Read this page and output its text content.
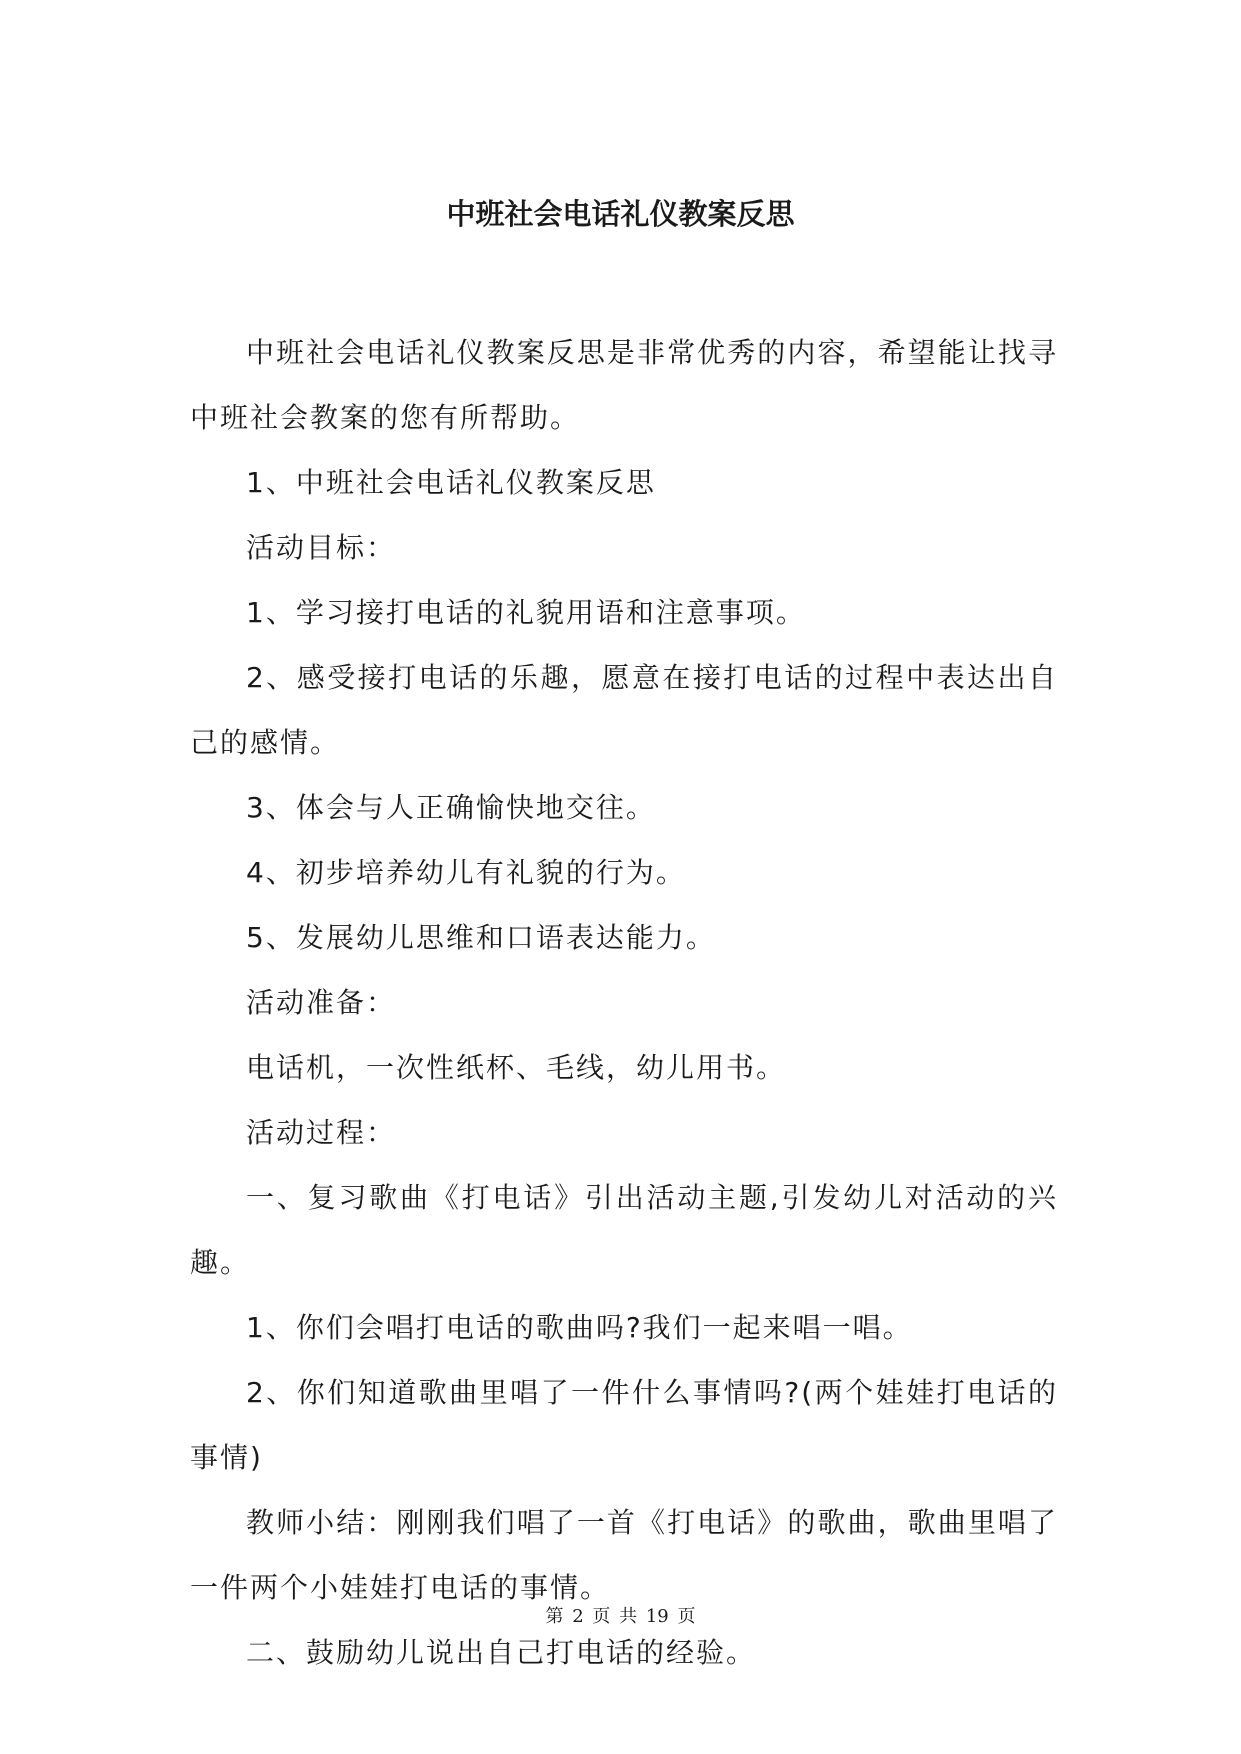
中班社会电话礼仪教案反思

中班社会电话礼仪教案反思是非常优秀的内容，希望能让找寻中班社会教案的您有所帮助。

1、中班社会电话礼仪教案反思

活动目标：

1、学习接打电话的礼貌用语和注意事项。

2、感受接打电话的乐趣，愿意在接打电话的过程中表达出自己的感情。

3、体会与人正确愉快地交往。

4、初步培养幼儿有礼貌的行为。

5、发展幼儿思维和口语表达能力。

活动准备：

电话机，一次性纸杯、毛线，幼儿用书。

活动过程：

一、复习歌曲《打电话》引出活动主题,引发幼儿对活动的兴趣。

1、你们会唱打电话的歌曲吗?我们一起来唱一唱。

2、你们知道歌曲里唱了一件什么事情吗?(两个娃娃打电话的事情)

教师小结：刚刚我们唱了一首《打电话》的歌曲，歌曲里唱了一件两个小娃娃打电话的事情。

二、鼓励幼儿说出自己打电话的经验。

第 2 页 共 19 页
